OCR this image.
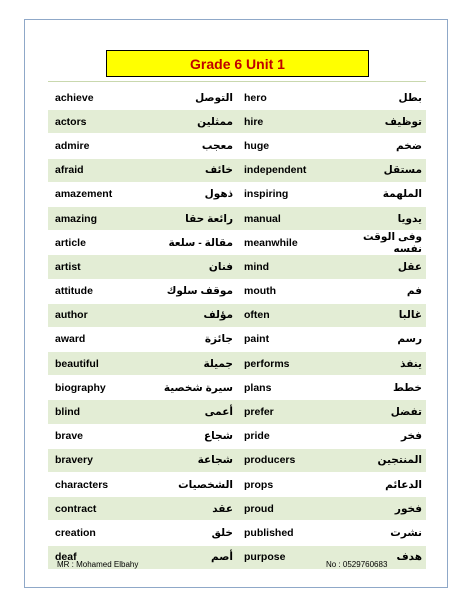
Grade 6 Unit 1
achieve	التوصل	hero	بطل
actors	ممثلين	hire	توظيف
admire	معجب	huge	ضخم
afraid	خائف	independent	مستقل
amazement	ذهول	inspiring	الملهمة
amazing	رائعة حقا	manual	يدويا
article	مقالة - سلعة	meanwhile	وفى الوقت نفسه
artist	فنان	mind	عقل
attitude	موقف سلوك	mouth	فم
author	مؤلف	often	غالبا
award	جائزة	paint	رسم
beautiful	جميلة	performs	ينفذ
biography	سيرة شخصية	plans	خطط
blind	أعمى	prefer	تفضل
brave	شجاع	pride	فخر
bravery	شجاعة	producers	المنتجين
characters	الشخصيات	props	الدعائم
contract	عقد	proud	فخور
creation	خلق	published	نشرت
deaf	أصم	purpose	هدف
MR : Mohamed Elbahy	No : 0529760683
